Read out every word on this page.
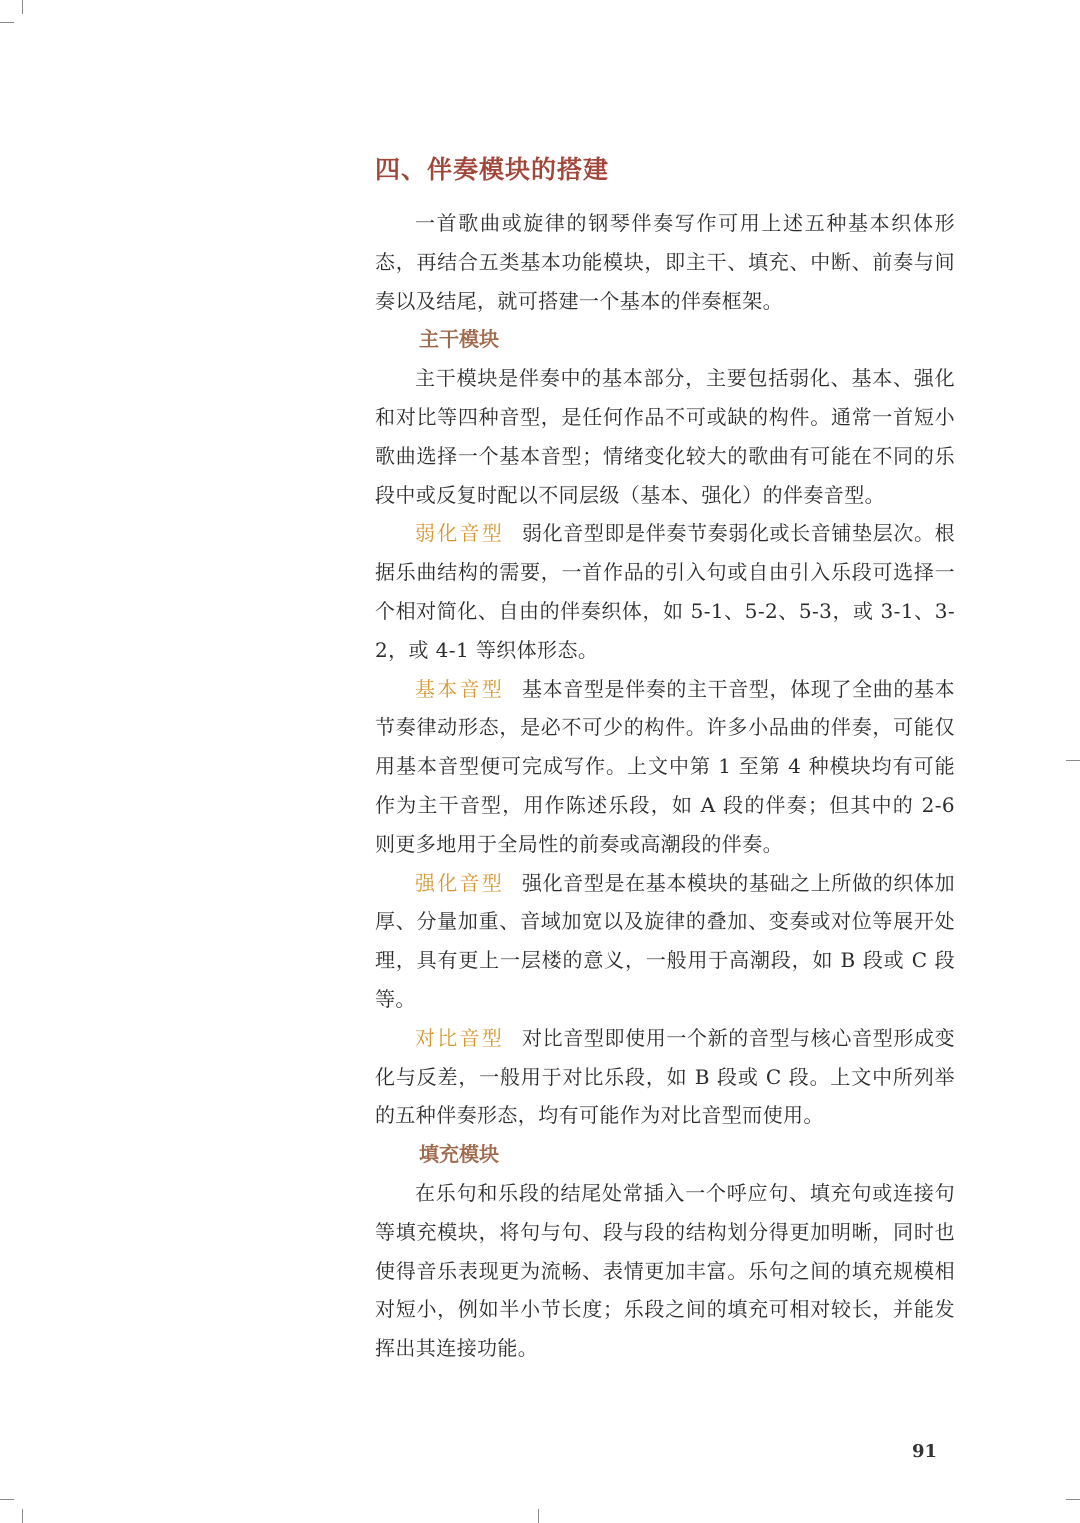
四、伴奏模块的搭建

一首歌曲或旋律的钢琴伴奏写作可用上述五种基本织体形态，再结合五类基本功能模块，即主干、填充、中断、前奏与间奏以及结尾，就可搭建一个基本的伴奏框架。

主干模块

主干模块是伴奏中的基本部分，主要包括弱化、基本、强化和对比等四种音型，是任何作品不可或缺的构件。通常一首短小歌曲选择一个基本音型；情绪变化较大的歌曲有可能在不同的乐段中或反复时配以不同层级（基本、强化）的伴奏音型。

弱化音型 弱化音型即是伴奏节奏弱化或长音铺垫层次。根据乐曲结构的需要，一首作品的引入句或自由引入乐段可选择一个相对简化、自由的伴奏织体，如 5-1、5-2、5-3，或 3-1、3-2，或 4-1 等织体形态。

基本音型 基本音型是伴奏的主干音型，体现了全曲的基本节奏律动形态，是必不可少的构件。许多小品曲的伴奏，可能仅用基本音型便可完成写作。上文中第 1 至第 4 种模块均有可能作为主干音型，用作陈述乐段，如 A 段的伴奏；但其中的 2-6 则更多地用于全局性的前奏或高潮段的伴奏。

强化音型 强化音型是在基本模块的基础之上所做的织体加厚、分量加重、音域加宽以及旋律的叠加、变奏或对位等展开处理，具有更上一层楼的意义，一般用于高潮段，如 B 段或 C 段等。

对比音型 对比音型即使用一个新的音型与核心音型形成变化与反差，一般用于对比乐段，如 B 段或 C 段。上文中所列举的五种伴奏形态，均有可能作为对比音型而使用。

填充模块

在乐句和乐段的结尾处常插入一个呼应句、填充句或连接句等填充模块，将句与句、段与段的结构划分得更加明晰，同时也使得音乐表现更为流畅、表情更加丰富。乐句之间的填充规模相对短小，例如半小节长度；乐段之间的填充可相对较长，并能发挥出其连接功能。

91
